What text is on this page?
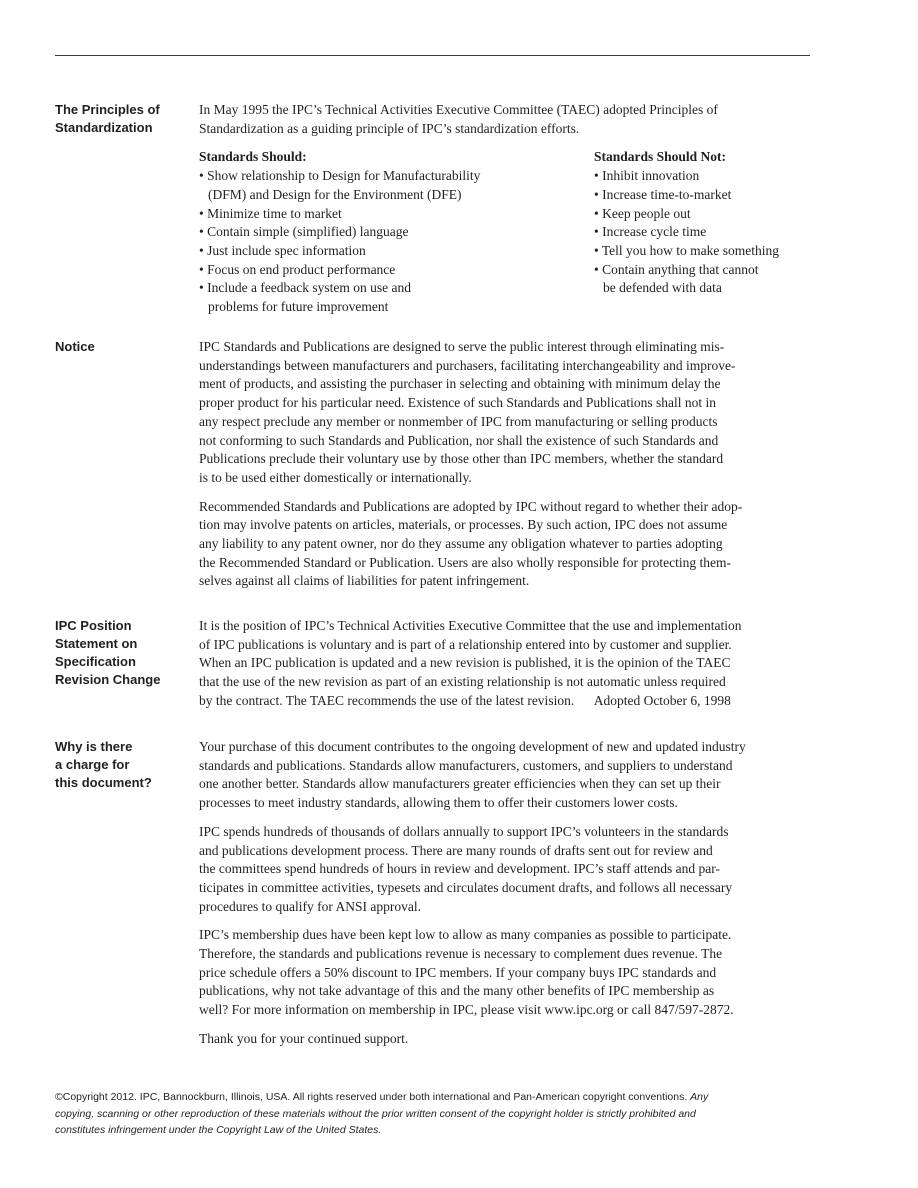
The Principles of
Standardization
In May 1995 the IPC’s Technical Activities Executive Committee (TAEC) adopted Principles of
Standardization as a guiding principle of IPC’s standardization efforts.
Standards Should:
• Show relationship to Design for Manufacturability
(DFM) and Design for the Environment (DFE)
• Minimize time to market
• Contain simple (simplified) language
• Just include spec information
• Focus on end product performance
• Include a feedback system on use and
problems for future improvement
Standards Should Not:
• Inhibit innovation
• Increase time-to-market
• Keep people out
• Increase cycle time
• Tell you how to make something
• Contain anything that cannot
be defended with data
Notice	IPC Standards and Publications are designed to serve the public interest through eliminating mis-
understandings between manufacturers and purchasers, facilitating interchangeability and improve-
ment of products, and assisting the purchaser in selecting and obtaining with minimum delay the
proper product for his particular need. Existence of such Standards and Publications shall not in
any respect preclude any member or nonmember of IPC from manufacturing or selling products
not conforming to such Standards and Publication, nor shall the existence of such Standards and
Publications preclude their voluntary use by those other than IPC members, whether the standard
is to be used either domestically or internationally.
Recommended Standards and Publications are adopted by IPC without regard to whether their adop-
tion may involve patents on articles, materials, or processes. By such action, IPC does not assume
any liability to any patent owner, nor do they assume any obligation whatever to parties adopting
the Recommended Standard or Publication. Users are also wholly responsible for protecting them-
selves against all claims of liabilities for patent infringement.
IPC Position
Statement on
Specification
Revision Change
It is the position of IPC’s Technical Activities Executive Committee that the use and implementation
of IPC publications is voluntary and is part of a relationship entered into by customer and supplier.
When an IPC publication is updated and a new revision is published, it is the opinion of the TAEC
that the use of the new revision as part of an existing relationship is not automatic unless required
by the contract. The TAEC recommends the use of the latest revision.      Adopted October 6, 1998
Why is there
a charge for
this document?
Your purchase of this document contributes to the ongoing development of new and updated industry
standards and publications. Standards allow manufacturers, customers, and suppliers to understand
one another better. Standards allow manufacturers greater efficiencies when they can set up their
processes to meet industry standards, allowing them to offer their customers lower costs.
IPC spends hundreds of thousands of dollars annually to support IPC’s volunteers in the standards
and publications development process. There are many rounds of drafts sent out for review and
the committees spend hundreds of hours in review and development. IPC’s staff attends and par-
ticipates in committee activities, typesets and circulates document drafts, and follows all necessary
procedures to qualify for ANSI approval.
IPC’s membership dues have been kept low to allow as many companies as possible to participate.
Therefore, the standards and publications revenue is necessary to complement dues revenue. The
price schedule offers a 50% discount to IPC members. If your company buys IPC standards and
publications, why not take advantage of this and the many other benefits of IPC membership as
well? For more information on membership in IPC, please visit www.ipc.org or call 847/597-2872.
Thank you for your continued support.
©Copyright 2012. IPC, Bannockburn, Illinois, USA. All rights reserved under both international and Pan-American copyright conventions. Any
copying, scanning or other reproduction of these materials without the prior written consent of the copyright holder is strictly prohibited and
constitutes infringement under the Copyright Law of the United States.
